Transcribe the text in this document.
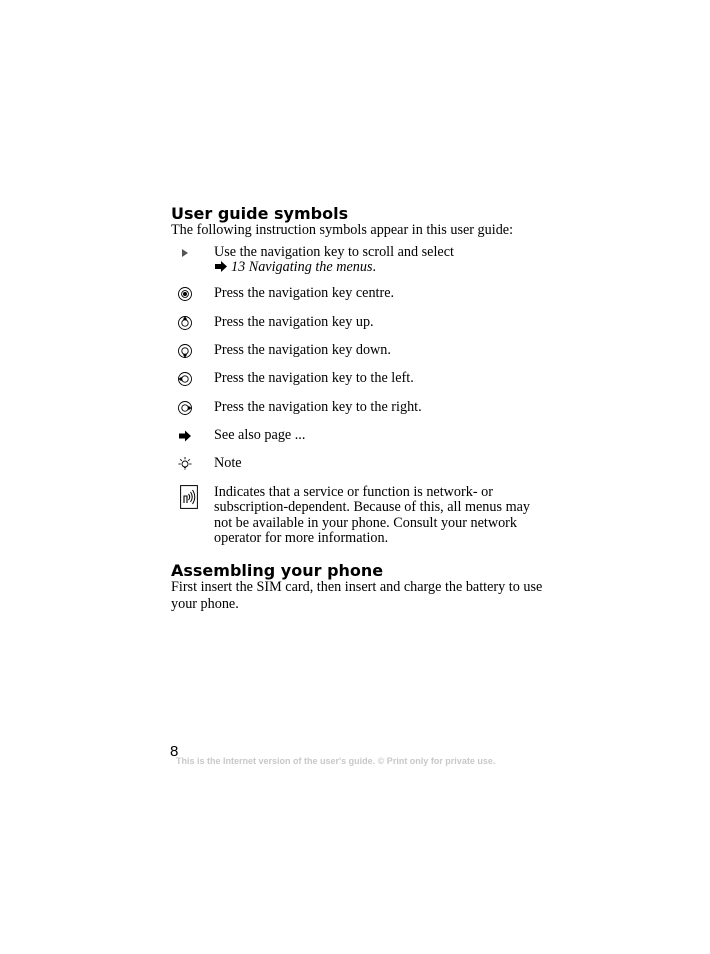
User guide symbols

The following instruction symbols appear in this user guide:

Use the navigation key to scroll and select
13 Navigating the menus.
Press the navigation key centre.
Press the navigation key up.
Press the navigation key down.
Press the navigation key to the left.
Press the navigation key to the right.
See also page ...
Note
Indicates that a service or function is network- or subscription-dependent. Because of this, all menus may not be available in your phone. Consult your network operator for more information.
Assembling your phone

First insert the SIM card, then insert and charge the battery to use your phone.

8
This is the Internet version of the user's guide. © Print only for private use.
